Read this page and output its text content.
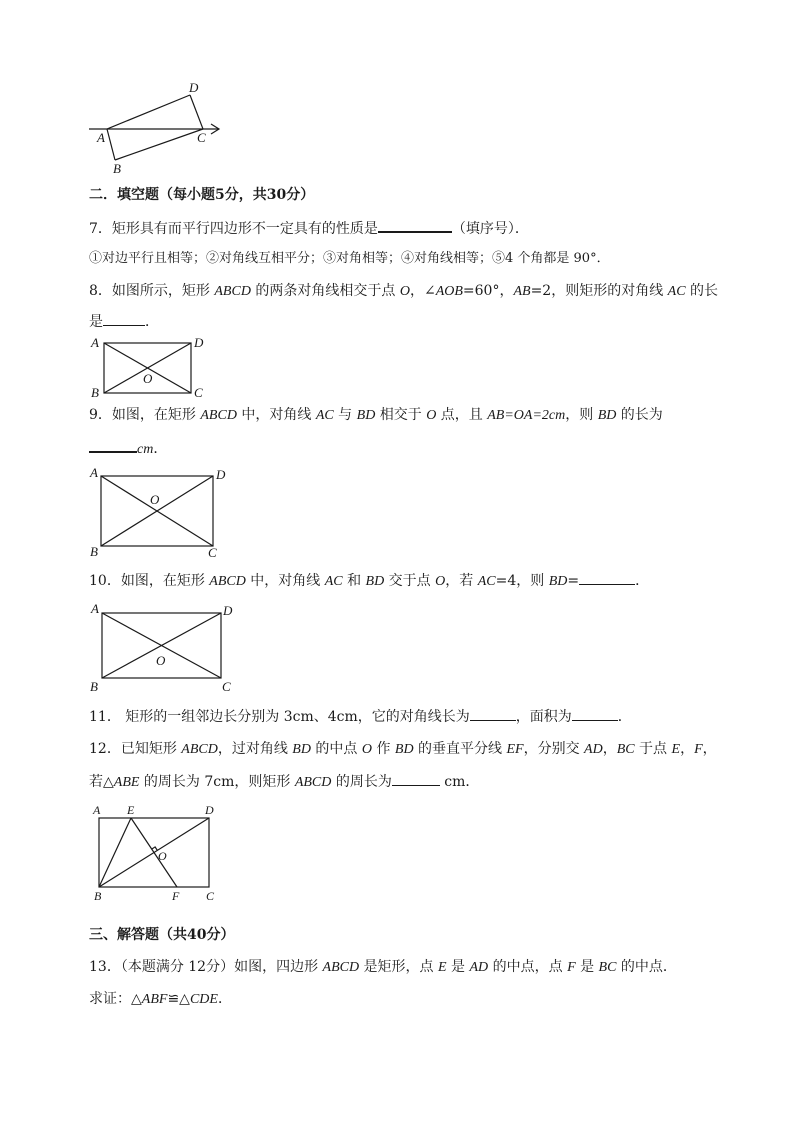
A
B
C
D
二．填空题（每小题5分，共30分）
7．矩形具有而平行四边形不一定具有的性质是	（填序号）．
①对边平行且相等；②对角线互相平分；③对角相等；④对角线相等；⑤4 个角都是 90°．
8．如图所示，矩形 ABCD 的两条对角线相交于点 O，∠AOB=60°，AB=2，则矩形的对角线 AC 的长
是	．
A	D
B	C
O
9．如图，在矩形 ABCD 中，对角线 AC 与 BD 相交于 O 点，且 AB=OA=2cm，则 BD 的长为
cm．
A	D
O
B	C
10．如图，在矩形 ABCD 中，对角线 AC 和 BD 交于点 O，若 AC=4，则 BD=	．
A	D
O
B	C
11． 矩形的一组邻边长分别为 3cm、4cm，它的对角线长为	，面积为	．
12．已知矩形 ABCD，过对角线 BD 的中点 O 作 BD 的垂直平分线 EF，分别交 AD，BC 于点 E，F，
若△ABE 的周长为 7cm，则矩形 ABCD 的周长为	cm．
A E	D
O
B	F C
三、解答题（共40分）
13．（本题满分 12分）如图，四边形 ABCD 是矩形，点 E 是 AD 的中点，点 F 是 BC 的中点．
求证：△ABF≌△CDE．
